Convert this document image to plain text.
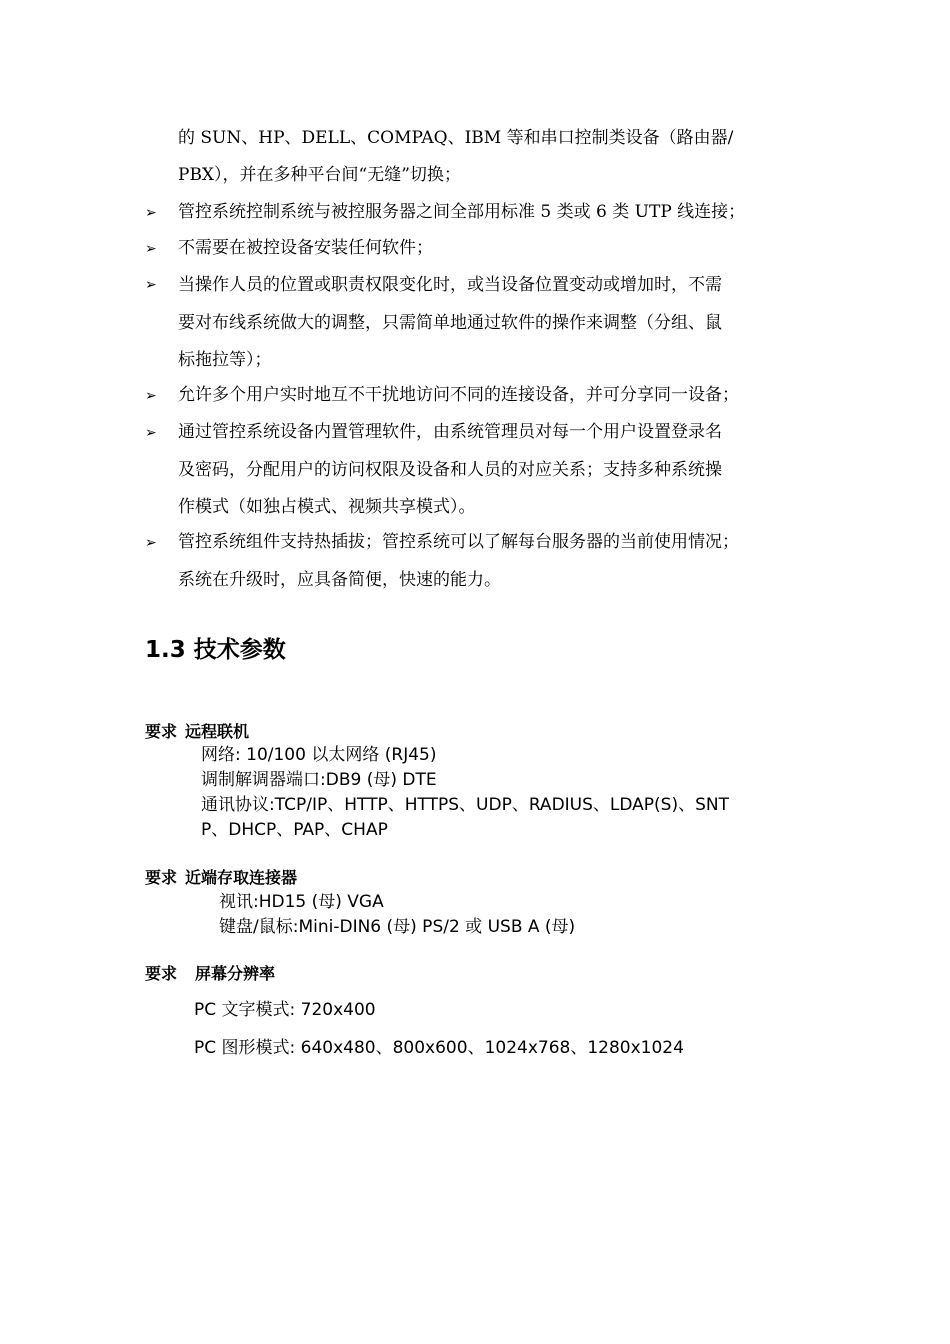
的 SUN、HP、DELL、COMPAQ、IBM 等和串口控制类设备（路由器/
PBX），并在多种平台间“无缝”切换；
➢ 管控系统控制系统与被控服务器之间全部用标准 5 类或 6 类 UTP 线连接；
➢ 不需要在被控设备安装任何软件；
➢ 当操作人员的位置或职责权限变化时，或当设备位置变动或增加时，不需
要对布线系统做大的调整，只需简单地通过软件的操作来调整（分组、鼠
标拖拉等）；
➢ 允许多个用户实时地互不干扰地访问不同的连接设备，并可分享同一设备；
➢ 通过管控系统设备内置管理软件，由系统管理员对每一个用户设置登录名
及密码，分配用户的访问权限及设备和人员的对应关系；支持多种系统操
作模式（如独占模式、视频共享模式）。
➢ 管控系统组件支持热插拔；管控系统可以了解每台服务器的当前使用情况；
系统在升级时，应具备简便，快速的能力。
1.3 技术参数
要求 远程联机
网络: 10/100 以太网络 (RJ45)
调制解调器端口:DB9 (母) DTE
通讯协议:TCP/IP、HTTP、HTTPS、UDP、RADIUS、LDAP(S)、SNT
P、DHCP、PAP、CHAP
要求 近端存取连接器
视讯:HD15 (母) VGA
键盘/鼠标:Mini-DIN6 (母) PS/2 或 USB A (母)
要求 屏幕分辨率
PC 文字模式: 720x400
PC 图形模式: 640x480、800x600、1024x768、1280x1024
